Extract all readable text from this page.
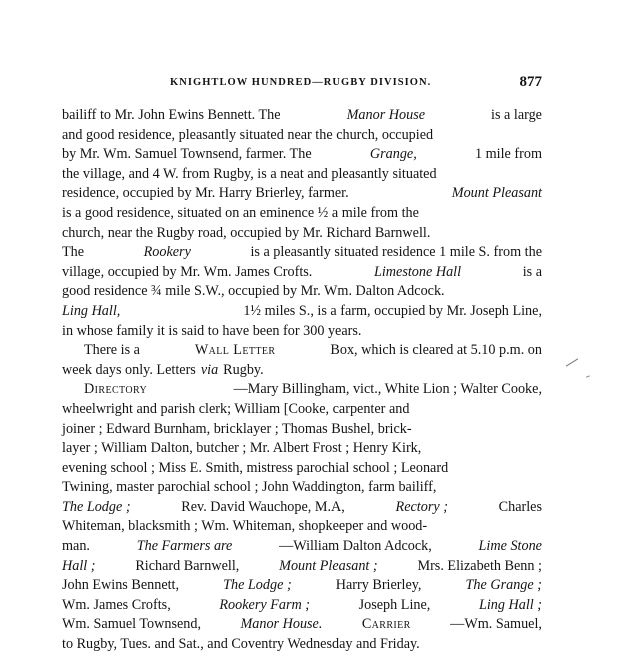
KNIGHTLOW HUNDRED—RUGBY DIVISION.	877
bailiff to Mr. John Ewins Bennett. The	Manor House	is a large
and good residence, pleasantly situated near the church, occupied
by Mr. Wm. Samuel Townsend, farmer. The	Grange,	1 mile from
the village, and 4 W. from Rugby, is a neat and pleasantly situated
residence, occupied by Mr. Harry Brierley, farmer.	Mount Pleasant
is a good residence, situated on an eminence ½ a mile from the
church, near the Rugby road, occupied by Mr. Richard Barnwell.
The	Rookery	is a pleasantly situated residence 1 mile S. from the
village, occupied by Mr. Wm. James Crofts.	Limestone Hall	is a
good residence ¾ mile S.W., occupied by Mr. Wm. Dalton Adcock.
Ling Hall,	1½ miles S., is a farm, occupied by Mr. Joseph Line,
in whose family it is said to have been for 300 years.
There is a	Wall Letter	Box, which is cleared at 5.10 p.m. on
week days only. Letters via Rugby.
Directory	—Mary Billingham, vict., White Lion ; Walter Cooke,
wheelwright and parish clerk; William [Cooke, carpenter and
joiner ; Edward Burnham, bricklayer ; Thomas Bushel, brick-
layer ; William Dalton, butcher ; Mr. Albert Frost ; Henry Kirk,
evening school ; Miss E. Smith, mistress parochial school ; Leonard
Twining, master parochial school ; John Waddington, farm bailiff,
The Lodge ;	Rev. David Wauchope, M.A,	Rectory ;	Charles
Whiteman, blacksmith ; Wm. Whiteman, shopkeeper and wood-
man.	The Farmers are	—William Dalton Adcock,	Lime Stone
Hall ;	Richard Barnwell,	Mount Pleasant ;	Mrs. Elizabeth Benn ;
John Ewins Bennett,	The Lodge ;	Harry Brierley,	The Grange ;
Wm. James Crofts,	Rookery Farm ;	Joseph Line,	Ling Hall ;
Wm. Samuel Townsend,	Manor House.	Carrier	—Wm. Samuel,
to Rugby, Tues. and Sat., and Coventry Wednesday and Friday.
